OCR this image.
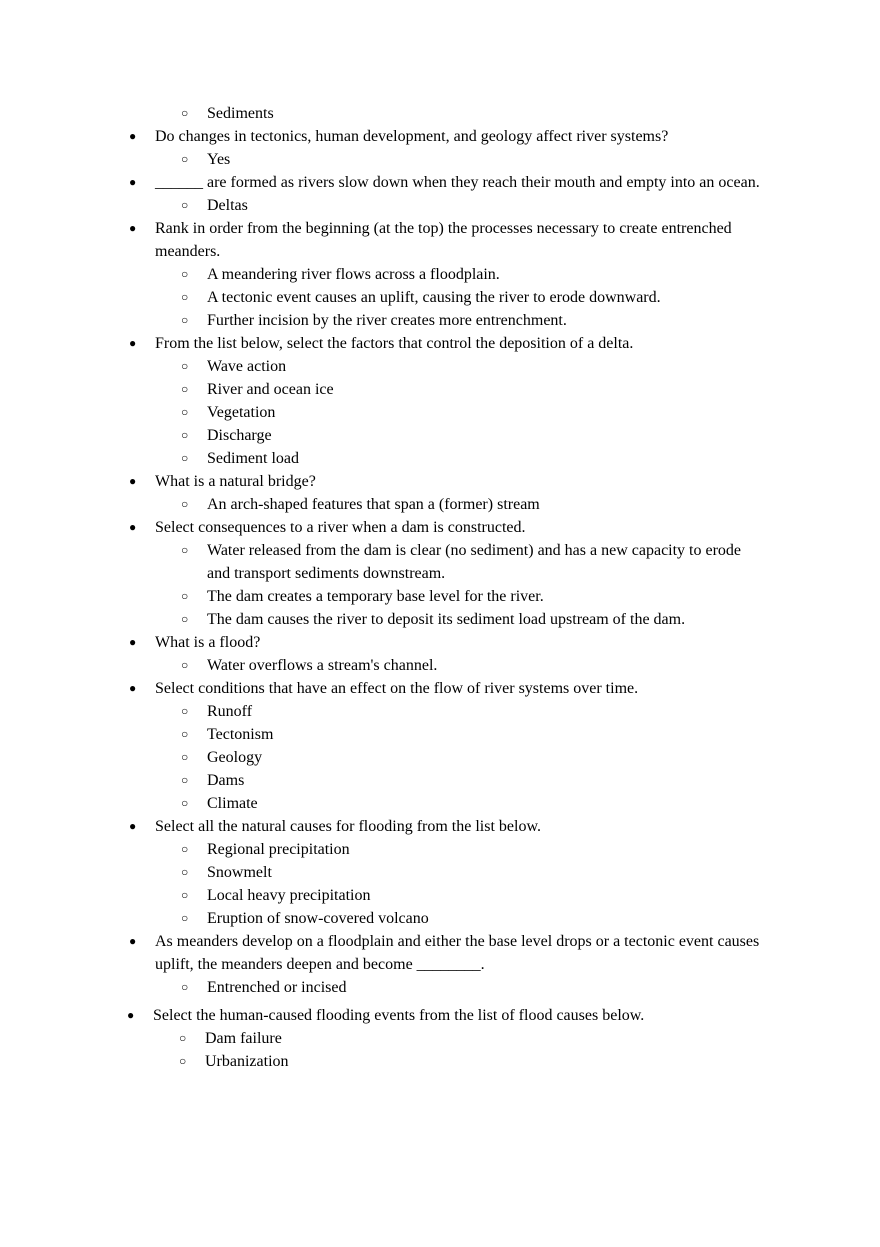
○ Sediments
● Do changes in tectonics, human development, and geology affect river systems?
○ Yes
● ______ are formed as rivers slow down when they reach their mouth and empty into an ocean.
○ Deltas
● Rank in order from the beginning (at the top) the processes necessary to create entrenched meanders.
○ A meandering river flows across a floodplain.
○ A tectonic event causes an uplift, causing the river to erode downward.
○ Further incision by the river creates more entrenchment.
● From the list below, select the factors that control the deposition of a delta.
○ Wave action
○ River and ocean ice
○ Vegetation
○ Discharge
○ Sediment load
● What is a natural bridge?
○ An arch-shaped features that span a (former) stream
● Select consequences to a river when a dam is constructed.
○ Water released from the dam is clear (no sediment) and has a new capacity to erode and transport sediments downstream.
○ The dam creates a temporary base level for the river.
○ The dam causes the river to deposit its sediment load upstream of the dam.
● What is a flood?
○ Water overflows a stream's channel.
● Select conditions that have an effect on the flow of river systems over time.
○ Runoff
○ Tectonism
○ Geology
○ Dams
○ Climate
● Select all the natural causes for flooding from the list below.
○ Regional precipitation
○ Snowmelt
○ Local heavy precipitation
○ Eruption of snow-covered volcano
● As meanders develop on a floodplain and either the base level drops or a tectonic event causes uplift, the meanders deepen and become ________.
○ Entrenched or incised
● Select the human-caused flooding events from the list of flood causes below.
○ Dam failure
○ Urbanization
